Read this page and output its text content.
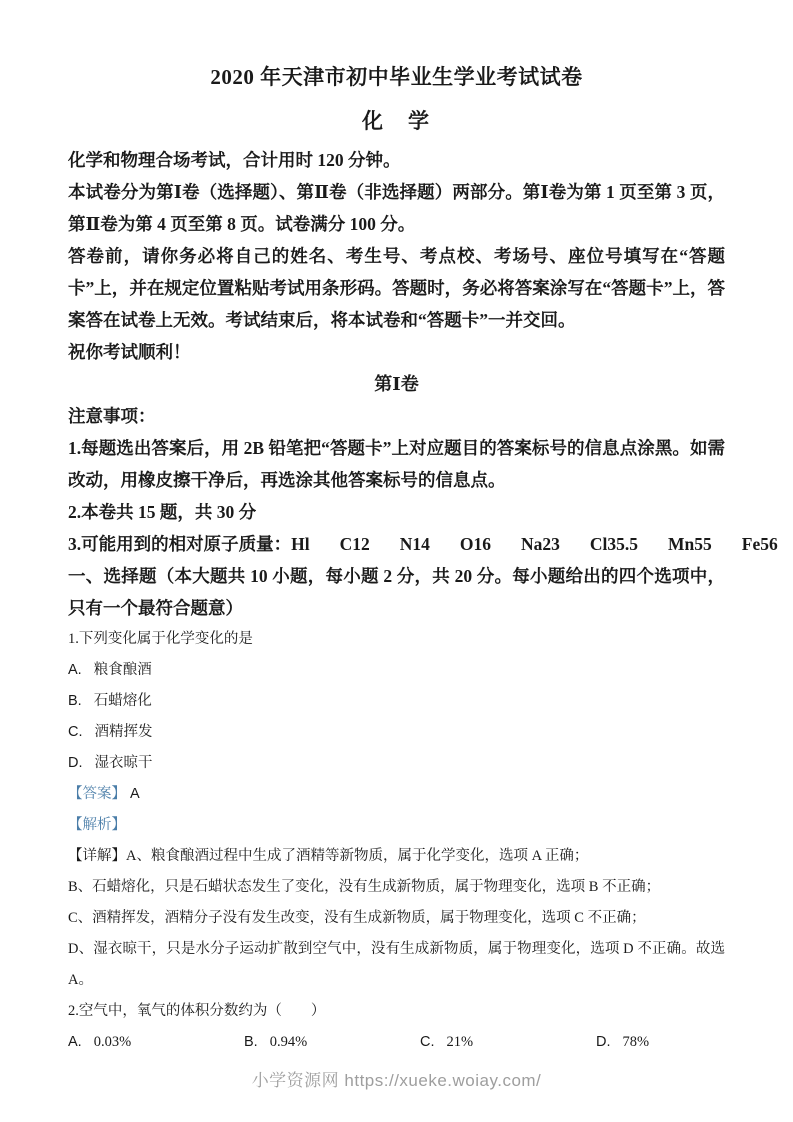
2020 年天津市初中毕业生学业考试试卷
化　学

化学和物理合场考试，合计用时 120 分钟。

本试卷分为第Ⅰ卷（选择题）、第Ⅱ卷（非选择题）两部分。第Ⅰ卷为第 1 页至第 3 页，第Ⅱ卷为第 4 页至第 8 页。试卷满分 100 分。

答卷前，请你务必将自己的姓名、考生号、考点校、考场号、座位号填写在“答题卡”上，并在规定位置粘贴考试用条形码。答题时，务必将答案涂写在“答题卡”上，答案答在试卷上无效。考试结束后，将本试卷和“答题卡”一并交回。

祝你考试顺利！

第Ⅰ卷

注意事项：

1.每题选出答案后，用 2B 铅笔把“答题卡”上对应题目的答案标号的信息点涂黑。如需改动，用橡皮擦干净后，再选涂其他答案标号的信息点。

2.本卷共 15 题，共 30 分

3.可能用到的相对原子质量：Hl C12 N14 O16 Na23 Cl35.5 Mn55 Fe56

一、选择题（本大题共 10 小题，每小题 2 分，共 20 分。每小题给出的四个选项中，只有一个最符合题意）

1.下列变化属于化学变化的是

A. 粮食酿酒

B. 石蜡熔化

C. 酒精挥发

D. 湿衣晾干

【答案】 A

【解析】

【详解】A、粮食酿酒过程中生成了酒精等新物质，属于化学变化，选项 A 正确；

B、石蜡熔化，只是石蜡状态发生了变化，没有生成新物质，属于物理变化，选项 B 不正确；

C、酒精挥发，酒精分子没有发生改变，没有生成新物质，属于物理变化，选项 C 不正确；

D、湿衣晾干，只是水分子运动扩散到空气中，没有生成新物质，属于物理变化，选项 D 不正确。故选 A。

2.空气中，氧气的体积分数约为（　　）

A. 0.03%	B. 0.94%	C. 21%	D. 78%
小学资源网 https://xueke.woiay.com/
